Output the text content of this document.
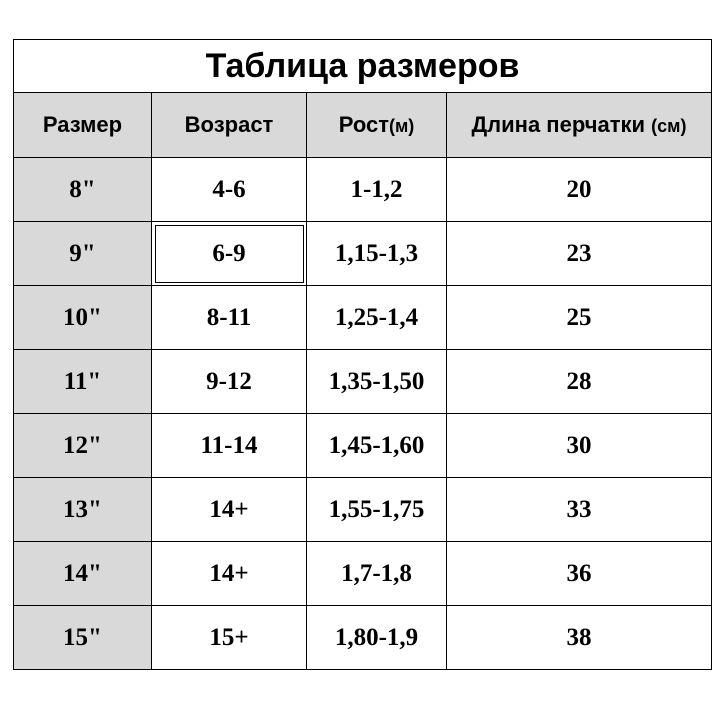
Таблица размеров			
Размер	Возраст	Рост(м)	Длина перчатки (см)
8"	4-6	1-1,2	20
9"	6-9	1,15-1,3	23
10"	8-11	1,25-1,4	25
11"	9-12	1,35-1,50	28
12"	11-14	1,45-1,60	30
13"	14+	1,55-1,75	33
14"	14+	1,7-1,8	36
15"	15+	1,80-1,9	38
